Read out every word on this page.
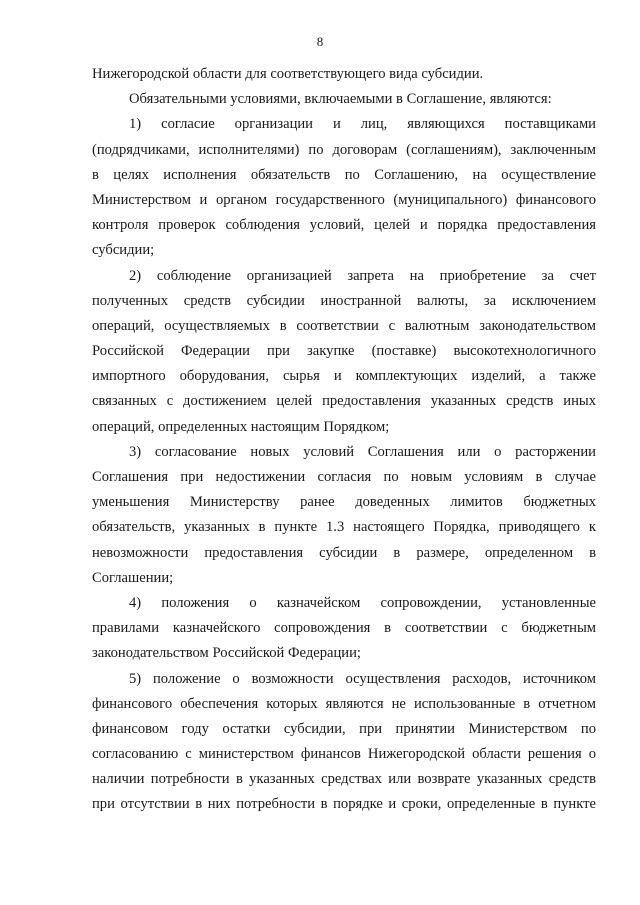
8
Нижегородской области для соответствующего вида субсидии.
Обязательными условиями, включаемыми в Соглашение, являются:
1) согласие организации и лиц, являющихся поставщиками
(подрядчиками, исполнителями) по договорам (соглашениям), заключенным
в целях исполнения обязательств по Соглашению, на осуществление
Министерством и органом государственного (муниципального) финансового
контроля проверок соблюдения условий, целей и порядка предоставления
субсидии;
2) соблюдение организацией запрета на приобретение за счет
полученных средств субсидии иностранной валюты, за исключением
операций, осуществляемых в соответствии с валютным законодательством
Российской Федерации при закупке (поставке) высокотехнологичного
импортного оборудования, сырья и комплектующих изделий, а также
связанных с достижением целей предоставления указанных средств иных
операций, определенных настоящим Порядком;
3) согласование новых условий Соглашения или о расторжении
Соглашения при недостижении согласия по новым условиям в случае
уменьшения Министерству ранее доведенных лимитов бюджетных
обязательств, указанных в пункте 1.3 настоящего Порядка, приводящего к
невозможности предоставления субсидии в размере, определенном в
Соглашении;
4) положения о казначейском сопровождении, установленные
правилами казначейского сопровождения в соответствии с бюджетным
законодательством Российской Федерации;
5) положение о возможности осуществления расходов, источником
финансового обеспечения которых являются не использованные в отчетном
финансовом году остатки субсидии, при принятии Министерством по
согласованию с министерством финансов Нижегородской области решения о
наличии потребности в указанных средствах или возврате указанных средств
при отсутствии в них потребности в порядке и сроки, определенные в пункте
